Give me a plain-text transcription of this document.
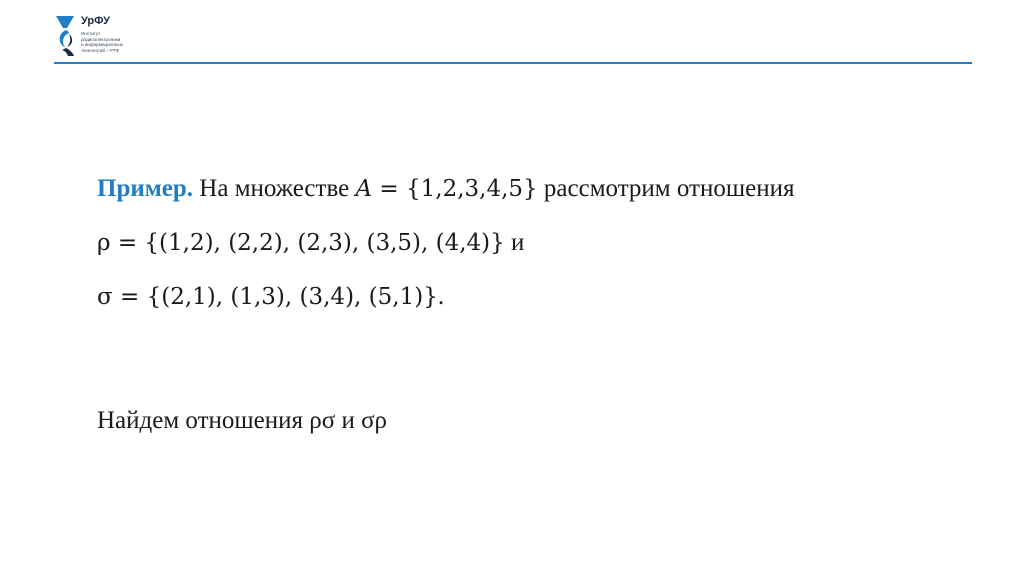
УрФУ
Институт
радиоэлектроники
и информационных
технологий – РТФ
Пример. На множестве A = {1,2,3,4,5} рассмотрим отношения
ρ = {(1,2), (2,2), (2,3), (3,5), (4,4)} и
σ = {(2,1), (1,3), (3,4), (5,1)}.
Найдем отношения ρσ и σρ
